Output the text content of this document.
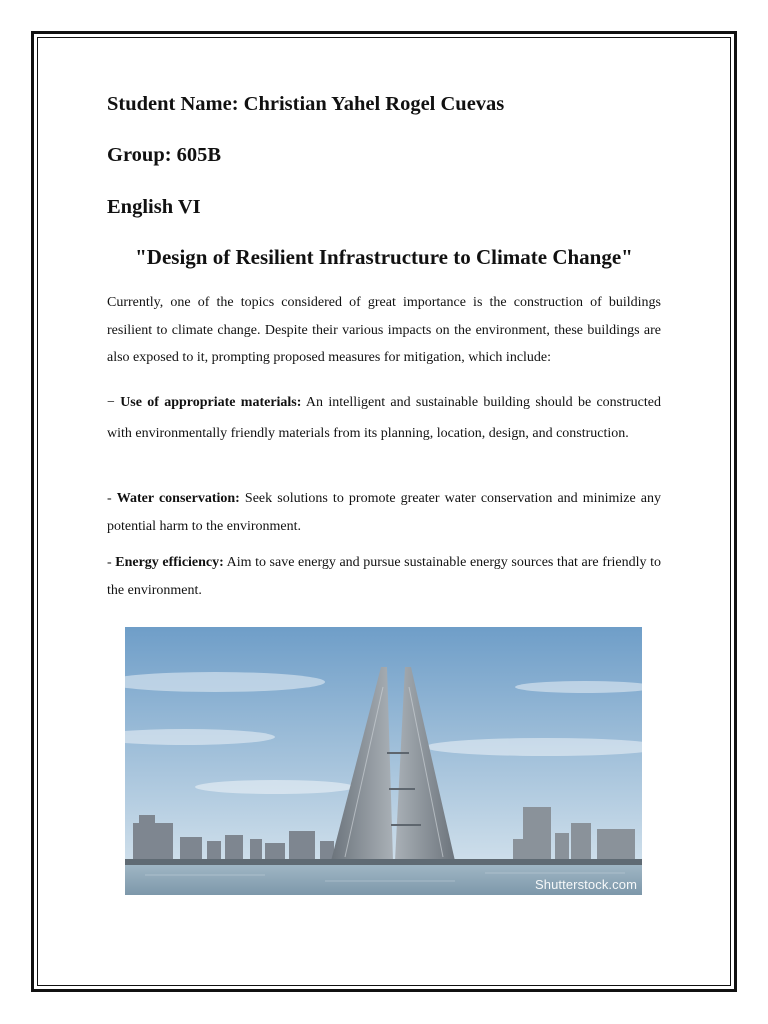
Student Name: Christian Yahel Rogel Cuevas
Group: 605B
English VI
"Design of Resilient Infrastructure to Climate Change"

Currently, one of the topics considered of great importance is the construction of buildings resilient to climate change. Despite their various impacts on the environment, these buildings are also exposed to it, prompting proposed measures for mitigation, which include:

− Use of appropriate materials: An intelligent and sustainable building should be constructed with environmentally friendly materials from its planning, location, design, and construction.

- Water conservation: Seek solutions to promote greater water conservation and minimize any potential harm to the environment.

- Energy efficiency: Aim to save energy and pursue sustainable energy sources that are friendly to the environment.

Shutterstock.com
